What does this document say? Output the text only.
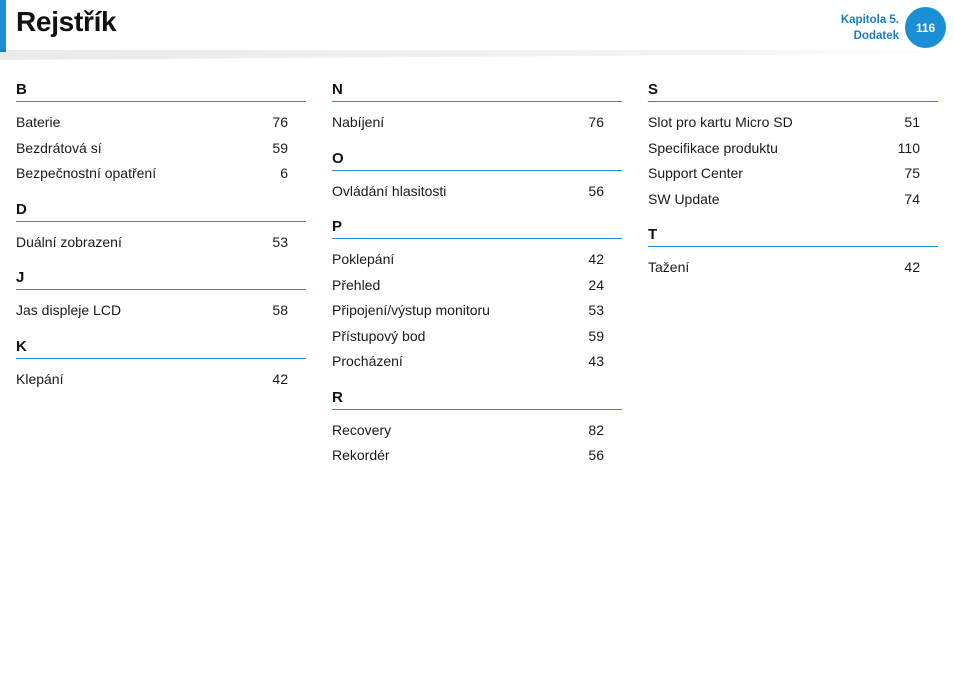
Rejstřík	Kapitola 5.
Dodatek
116
B
Baterie	76
Bezdrátová sí	59
Bezpečnostní opatření	6
D
Duální zobrazení	53
J
Jas displeje LCD	58
K
Klepání	42
N
Nabíjení	76
O
Ovládání hlasitosti	56
P
Poklepání	42
Přehled	24
Připojení/výstup monitoru	53
Přístupový bod	59
Procházení	43
R
Recovery	82
Rekordér	56
S
Slot pro kartu Micro SD	51
Specifikace produktu	110
Support Center	75
SW Update	74
T
Tažení	42
